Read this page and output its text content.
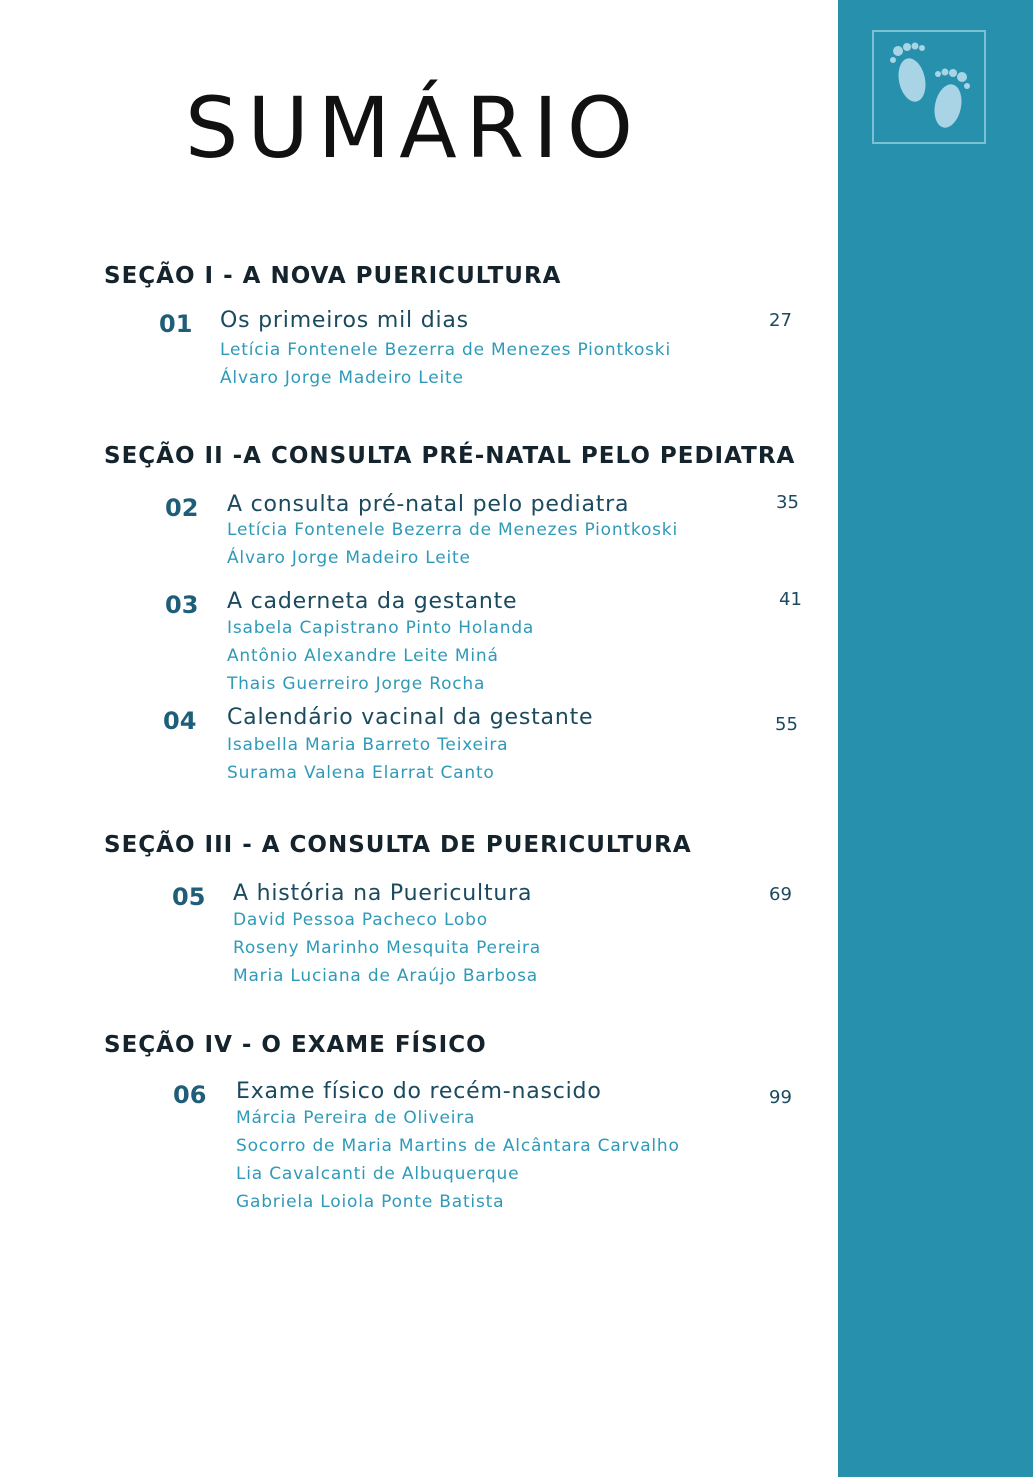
SUMÁRIO
SEÇÃO I - A NOVA PUERICULTURA
01 Os primeiros mil dias
Letícia Fontenele Bezerra de Menezes Piontkoski
Álvaro Jorge Madeiro Leite
27
SEÇÃO II -A CONSULTA PRÉ-NATAL PELO PEDIATRA
02 A consulta pré-natal pelo pediatra
Letícia Fontenele Bezerra de Menezes Piontkoski
Álvaro Jorge Madeiro Leite
35
03 A caderneta da gestante
Isabela Capistrano Pinto Holanda
Antônio Alexandre Leite Miná
Thais Guerreiro Jorge Rocha
41
04 Calendário vacinal da gestante
Isabella Maria Barreto Teixeira
Surama Valena Elarrat Canto
55
SEÇÃO III - A CONSULTA DE PUERICULTURA
05 A história na Puericultura
David Pessoa Pacheco Lobo
Roseny Marinho Mesquita Pereira
Maria Luciana de Araújo Barbosa
69
SEÇÃO IV - O EXAME FÍSICO
06 Exame físico do recém-nascido
Márcia Pereira de Oliveira
Socorro de Maria Martins de Alcântara Carvalho
Lia Cavalcanti de Albuquerque
Gabriela Loiola Ponte Batista
99
